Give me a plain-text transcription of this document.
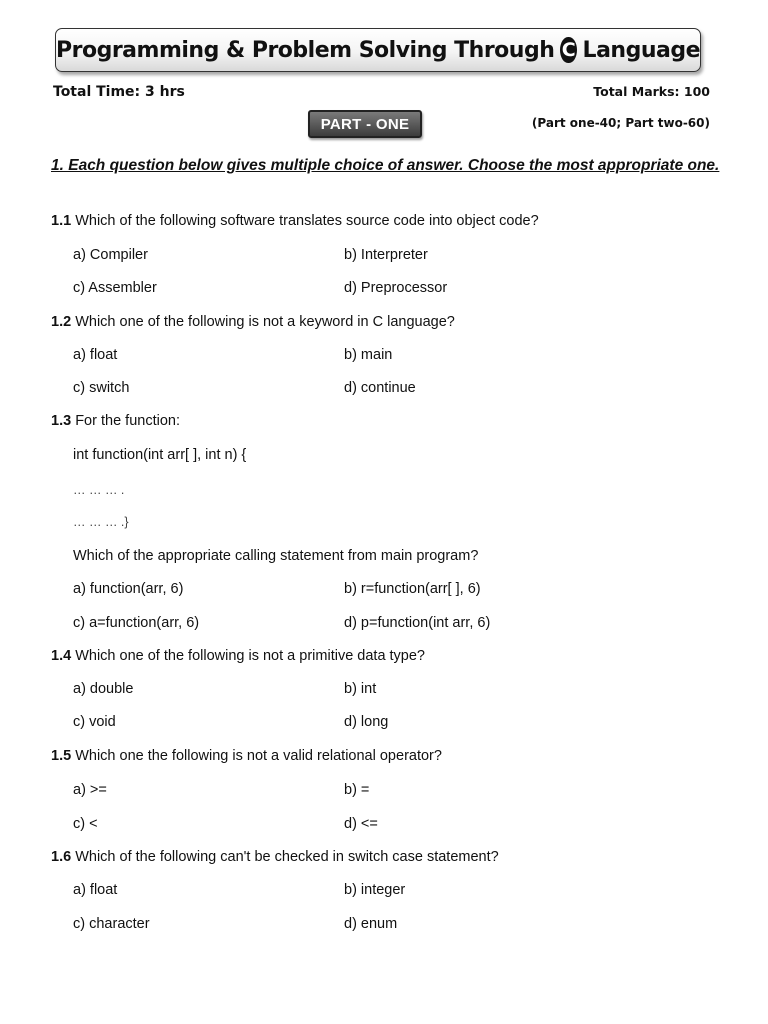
Programming & Problem Solving Through C Language
Total Time: 3 hrs	Total Marks: 100
PART - ONE	(Part one-40; Part two-60)
1. Each question below gives multiple choice of answer. Choose the most appropriate one.
1.1 Which of the following software translates source code into object code?
a) Compiler	b) Interpreter
c) Assembler	d) Preprocessor
1.2 Which one of the following is not a keyword in C language?
a) float	b) main
c) switch	d) continue
1.3 For the function:
int function(int arr[ ], int n) {
… … … .
… … … .}
Which of the appropriate calling statement from main program?
a) function(arr, 6)	b) r=function(arr[ ], 6)
c) a=function(arr, 6)	d) p=function(int arr, 6)
1.4 Which one of the following is not a primitive data type?
a) double	b) int
c) void	d) long
1.5 Which one the following is not a valid relational operator?
a) >=	b) =
c) <	d) <=
1.6 Which of the following can't be checked in switch case statement?
a) float	b) integer
c) character	d) enum
